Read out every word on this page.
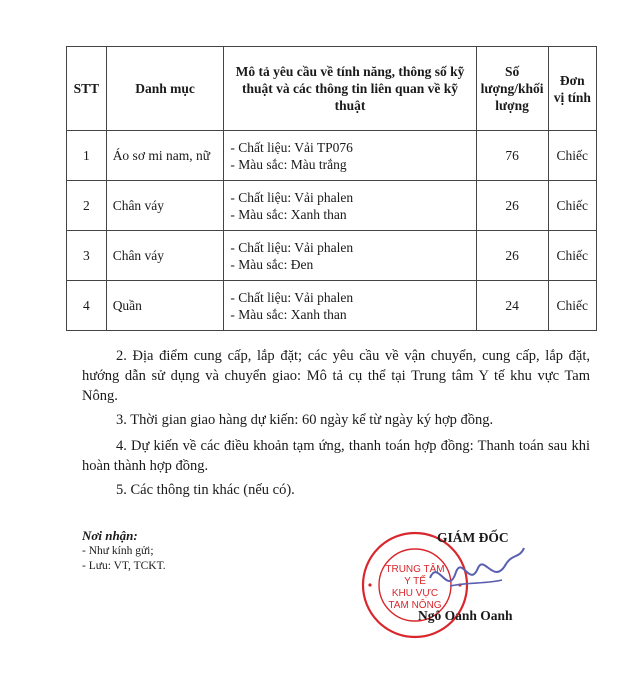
STT	Danh mục	Mô tả yêu cầu về tính năng, thông số kỹ
thuật và các thông tin liên quan về kỹ thuật	Số
lượng/khối
lượng	Đơn
vị tính
1	Áo sơ mi nam, nữ	- Chất liệu: Vải TP076
- Màu sắc: Màu trắng	76	Chiếc
2	Chân váy	- Chất liệu: Vải phalen
- Màu sắc: Xanh than	26	Chiếc
3	Chân váy	- Chất liệu: Vải phalen
- Màu sắc: Đen	26	Chiếc
4	Quần	- Chất liệu: Vải phalen
- Màu sắc: Xanh than	24	Chiếc

2. Địa điểm cung cấp, lắp đặt; các yêu cầu về vận chuyển, cung cấp, lắp đặt, hướng dẫn sử dụng và chuyển giao: Mô tả cụ thể tại Trung tâm Y tế khu vực Tam Nông.

3. Thời gian giao hàng dự kiến: 60 ngày kể từ ngày ký hợp đồng.

4. Dự kiến về các điều khoản tạm ứng, thanh toán hợp đồng: Thanh toán sau khi hoàn thành hợp đồng.

5. Các thông tin khác (nếu có).

Nơi nhận:
- Như kính gửi;
- Lưu: VT, TCKT.	TRUNG TÂM
Y TẾ
KHU VỰC
TAM NÔNG
GIÁM ĐỐC
Ngô Oanh Oanh
